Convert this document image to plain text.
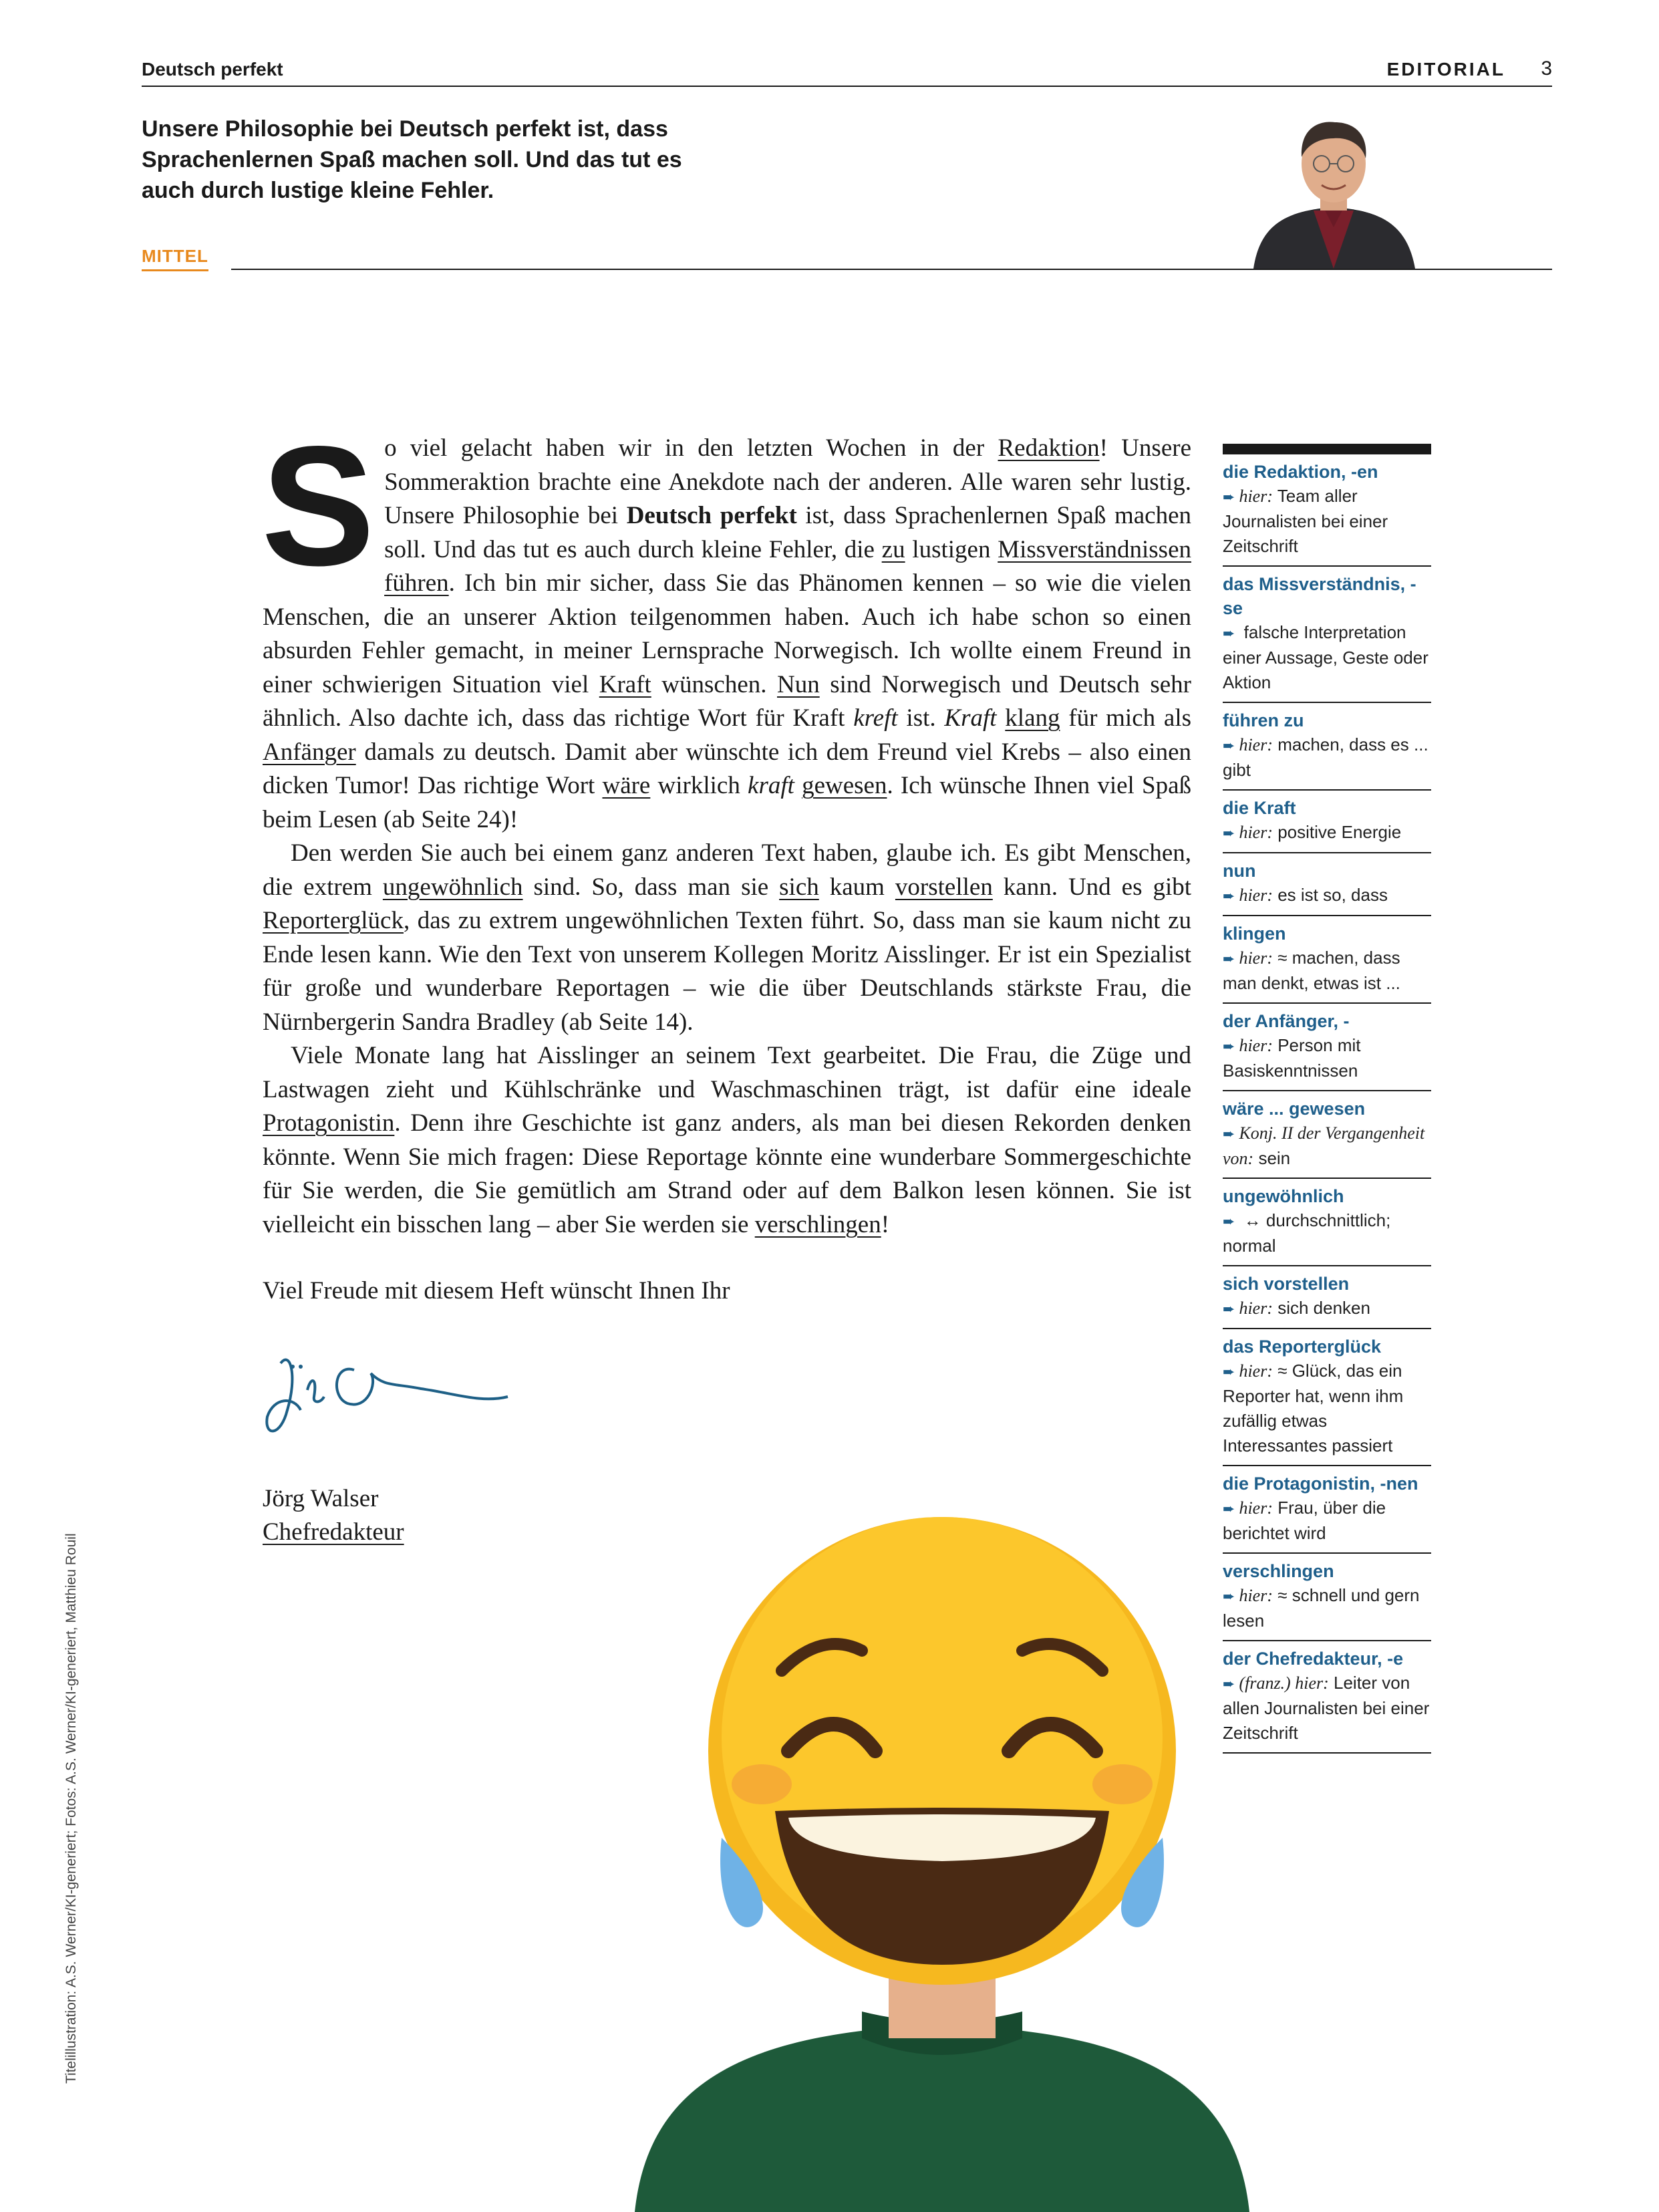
Deutsch perfekt	EDITORIAL 3
Unsere Philosophie bei Deutsch perfekt ist, dass Sprachenlernen Spaß machen soll. Und das tut es auch durch lustige kleine Fehler.
MITTEL

So viel gelacht haben wir in den letzten Wochen in der Redaktion! Unsere Sommeraktion brachte eine Anekdote nach der anderen. Alle waren sehr lustig. Unsere Philosophie bei Deutsch perfekt ist, dass Sprachenlernen Spaß machen soll. Und das tut es auch durch kleine Fehler, die zu lustigen Missverständnissen führen. Ich bin mir sicher, dass Sie das Phänomen kennen – so wie die vielen Menschen, die an unserer Aktion teilgenommen haben. Auch ich habe schon so einen absurden Fehler gemacht, in meiner Lernsprache Norwegisch. Ich wollte einem Freund in einer schwierigen Situation viel Kraft wünschen. Nun sind Norwegisch und Deutsch sehr ähnlich. Also dachte ich, dass das richtige Wort für Kraft kreft ist. Kraft klang für mich als Anfänger damals zu deutsch. Damit aber wünschte ich dem Freund viel Krebs – also einen dicken Tumor! Das richtige Wort wäre wirklich kraft gewesen. Ich wünsche Ihnen viel Spaß beim Lesen (ab Seite 24)!

Den werden Sie auch bei einem ganz anderen Text haben, glaube ich. Es gibt Menschen, die extrem ungewöhnlich sind. So, dass man sie sich kaum vorstellen kann. Und es gibt Reporterglück, das zu extrem ungewöhnlichen Texten führt. So, dass man sie kaum nicht zu Ende lesen kann. Wie den Text von unserem Kollegen Moritz Aisslinger. Er ist ein Spezialist für große und wunderbare Reportagen – wie die über Deutschlands stärkste Frau, die Nürnbergerin Sandra Bradley (ab Seite 14).

Viele Monate lang hat Aisslinger an seinem Text gearbeitet. Die Frau, die Züge und Lastwagen zieht und Kühlschränke und Waschmaschinen trägt, ist dafür eine ideale Protagonistin. Denn ihre Geschichte ist ganz anders, als man bei diesen Rekorden denken könnte. Wenn Sie mich fragen: Diese Reportage könnte eine wunderbare Sommergeschichte für Sie werden, die Sie gemütlich am Strand oder auf dem Balkon lesen können. Sie ist vielleicht ein bisschen lang – aber Sie werden sie verschlingen!

Viel Freude mit diesem Heft wünscht Ihnen Ihr
Jörg Walser
Chefredakteur
die Redaktion, -en
➨ hier: Team aller Journalisten bei einer Zeitschrift
das Missverständnis, -se
➨ falsche Interpretation einer Aussage, Geste oder Aktion
führen zu
➨ hier: machen, dass es ... gibt
die Kraft
➨ hier: positive Energie
nun
➨ hier: es ist so, dass
klingen
➨ hier: ≈ machen, dass man denkt, etwas ist ...
der Anfänger, -
➨ hier: Person mit Basiskenntnissen
wäre ... gewesen
➨ Konj. II der Vergangenheit von: sein
ungewöhnlich
➨ ↔ durchschnittlich; normal
sich vorstellen
➨ hier: sich denken
das Reporterglück
➨ hier: ≈ Glück, das ein Reporter hat, wenn ihm zufällig etwas Interessantes passiert
die Protagonistin, -nen
➨ hier: Frau, über die berichtet wird
verschlingen
➨ hier: ≈ schnell und gern lesen
der Chefredakteur, -e
➨ (franz.) hier: Leiter von allen Journalisten bei einer Zeitschrift
Titelillustration: A.S. Werner/KI-generiert; Fotos: A.S. Werner/KI-generiert, Matthieu Rouil
